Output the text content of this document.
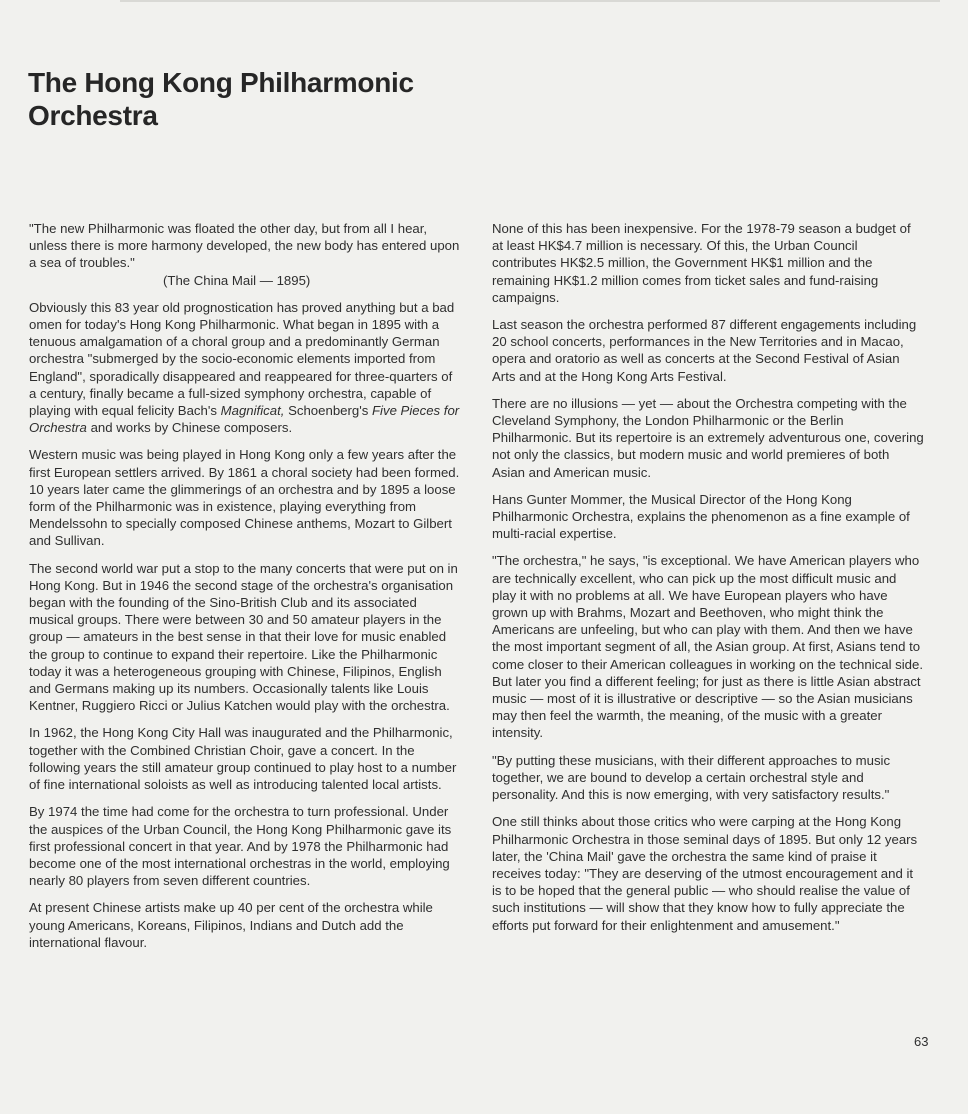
The Hong Kong Philharmonic Orchestra

"The new Philharmonic was floated the other day, but from all I hear, unless there is more harmony developed, the new body has entered upon a sea of troubles."
(The China Mail — 1895)

Obviously this 83 year old prognostication has proved anything but a bad omen for today's Hong Kong Philharmonic. What began in 1895 with a tenuous amalgamation of a choral group and a predominantly German orchestra "submerged by the socio-economic elements imported from England", sporadically disappeared and reappeared for three-quarters of a century, finally became a full-sized symphony orchestra, capable of playing with equal felicity Bach's Magnificat, Schoenberg's Five Pieces for Orchestra and works by Chinese composers.

Western music was being played in Hong Kong only a few years after the first European settlers arrived. By 1861 a choral society had been formed. 10 years later came the glimmerings of an orchestra and by 1895 a loose form of the Philharmonic was in existence, playing everything from Mendelssohn to specially composed Chinese anthems, Mozart to Gilbert and Sullivan.

The second world war put a stop to the many concerts that were put on in Hong Kong. But in 1946 the second stage of the orchestra's organisation began with the founding of the Sino-British Club and its associated musical groups. There were between 30 and 50 amateur players in the group — amateurs in the best sense in that their love for music enabled the group to continue to expand their repertoire. Like the Philharmonic today it was a heterogeneous grouping with Chinese, Filipinos, English and Germans making up its numbers. Occasionally talents like Louis Kentner, Ruggiero Ricci or Julius Katchen would play with the orchestra.

In 1962, the Hong Kong City Hall was inaugurated and the Philharmonic, together with the Combined Christian Choir, gave a concert. In the following years the still amateur group continued to play host to a number of fine international soloists as well as introducing talented local artists.

By 1974 the time had come for the orchestra to turn professional. Under the auspices of the Urban Council, the Hong Kong Philharmonic gave its first professional concert in that year. And by 1978 the Philharmonic had become one of the most international orchestras in the world, employing nearly 80 players from seven different countries.

At present Chinese artists make up 40 per cent of the orchestra while young Americans, Koreans, Filipinos, Indians and Dutch add the international flavour.

None of this has been inexpensive. For the 1978-79 season a budget of at least HK$4.7 million is necessary. Of this, the Urban Council contributes HK$2.5 million, the Government HK$1 million and the remaining HK$1.2 million comes from ticket sales and fund-raising campaigns.

Last season the orchestra performed 87 different engagements including 20 school concerts, performances in the New Territories and in Macao, opera and oratorio as well as concerts at the Second Festival of Asian Arts and at the Hong Kong Arts Festival.

There are no illusions — yet — about the Orchestra competing with the Cleveland Symphony, the London Philharmonic or the Berlin Philharmonic. But its repertoire is an extremely adventurous one, covering not only the classics, but modern music and world premieres of both Asian and American music.

Hans Gunter Mommer, the Musical Director of the Hong Kong Philharmonic Orchestra, explains the phenomenon as a fine example of multi-racial expertise.

"The orchestra," he says, "is exceptional. We have American players who are technically excellent, who can pick up the most difficult music and play it with no problems at all. We have European players who have grown up with Brahms, Mozart and Beethoven, who might think the Americans are unfeeling, but who can play with them. And then we have the most important segment of all, the Asian group. At first, Asians tend to come closer to their American colleagues in working on the technical side. But later you find a different feeling; for just as there is little Asian abstract music — most of it is illustrative or descriptive — so the Asian musicians may then feel the warmth, the meaning, of the music with a greater intensity.

"By putting these musicians, with their different approaches to music together, we are bound to develop a certain orchestral style and personality. And this is now emerging, with very satisfactory results."

One still thinks about those critics who were carping at the Hong Kong Philharmonic Orchestra in those seminal days of 1895. But only 12 years later, the 'China Mail' gave the orchestra the same kind of praise it receives today: "They are deserving of the utmost encouragement and it is to be hoped that the general public — who should realise the value of such institutions — will show that they know how to fully appreciate the efforts put forward for their enlightenment and amusement."

63
